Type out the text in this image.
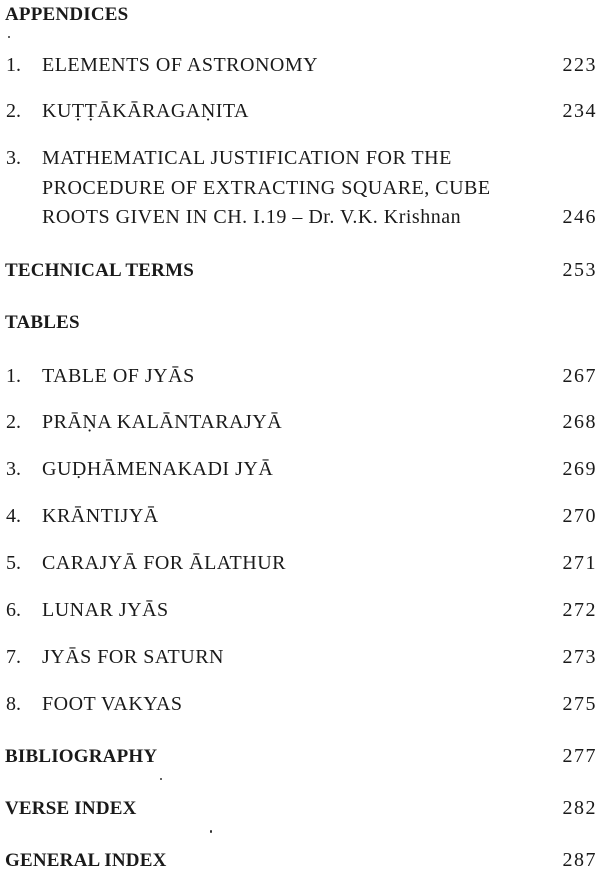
APPENDICES
1. ELEMENTS OF ASTRONOMY	223
2. KUṬṬĀKĀRAGAṆITA	234
3. MATHEMATICAL JUSTIFICATION FOR THE
PROCEDURE OF EXTRACTING SQUARE, CUBE
ROOTS GIVEN IN CH. I.19 – Dr. V.K. Krishnan	246
TECHNICAL TERMS	253
TABLES
1. TABLE OF JYĀS	267
2. PRĀṆA KALĀNTARAJYĀ	268
3. GUḌHĀMENAKADI JYĀ	269
4. KRĀNTIJYĀ	270
5. CARAJYĀ FOR ĀLATHUR	271
6. LUNAR JYĀS	272
7. JYĀS FOR SATURN	273
8. FOOT VAKYAS	275
BIBLIOGRAPHY	277
VERSE INDEX	282
GENERAL INDEX	287
